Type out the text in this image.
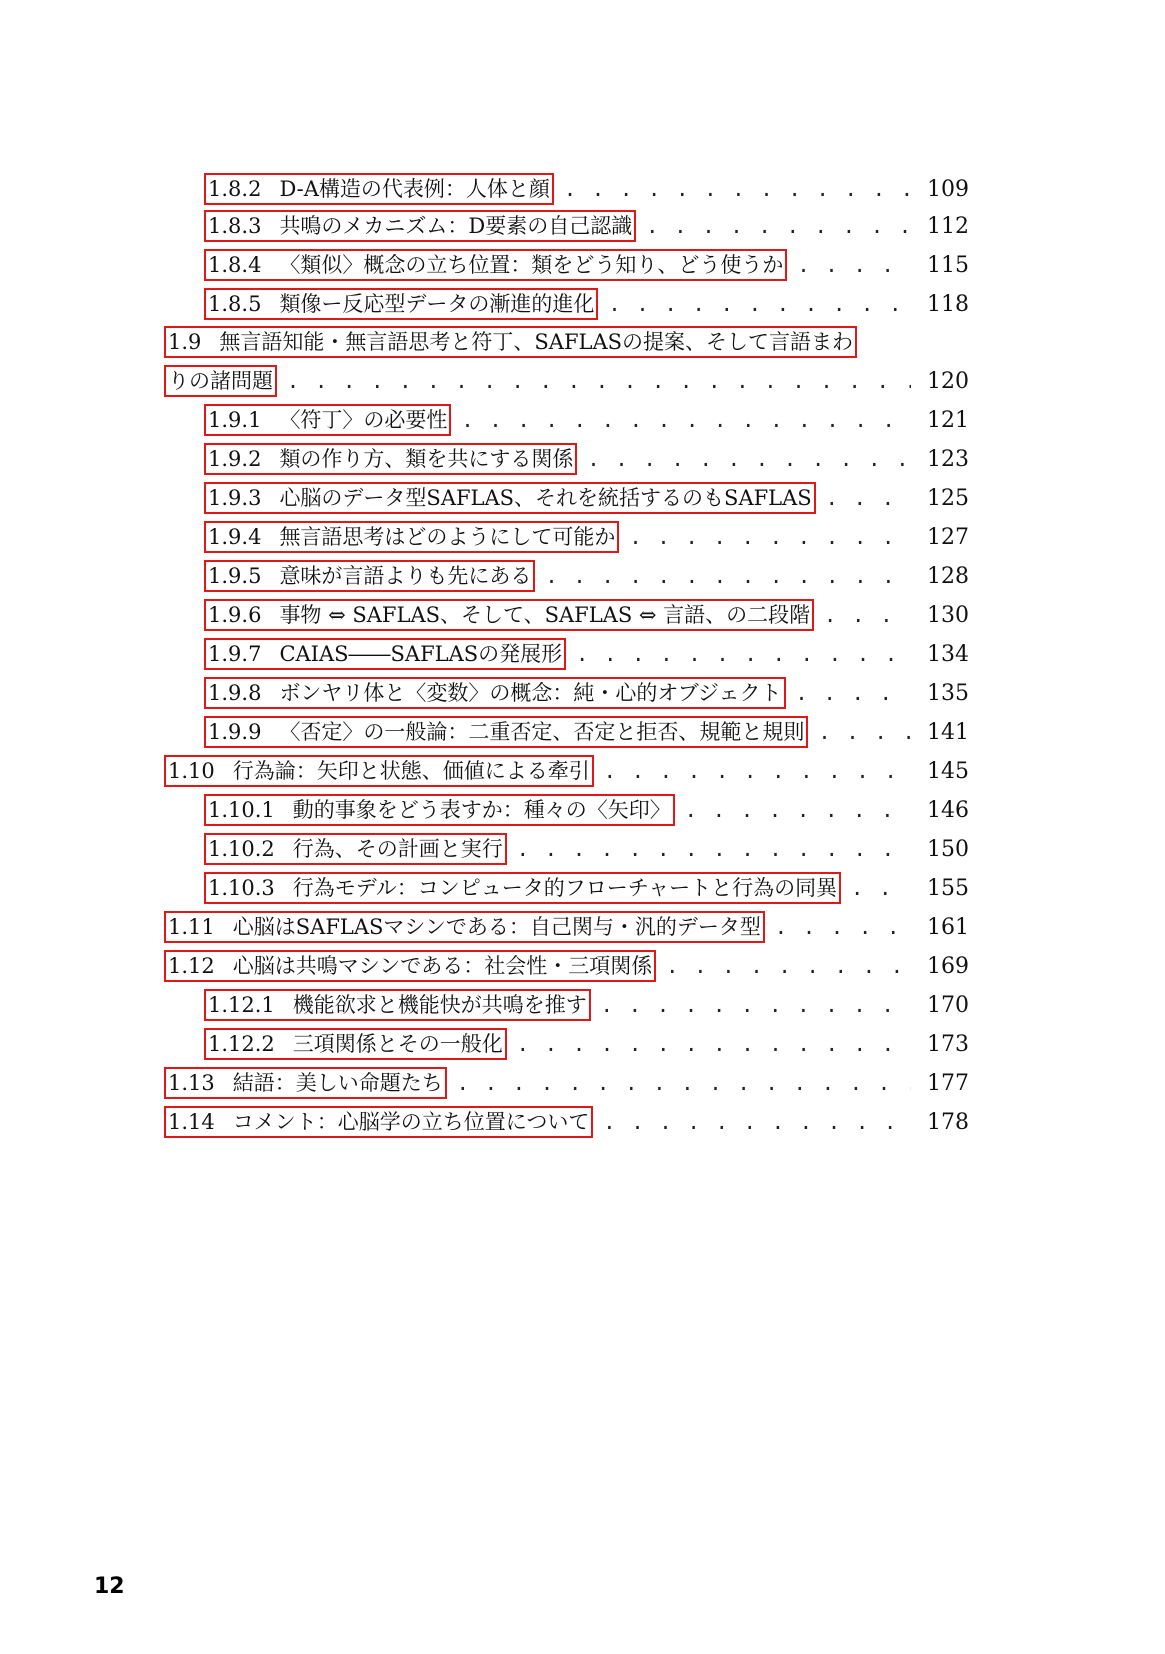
1.8.2 D-A構造の代表例：人体と顔 . . .	109
1.8.3 共鳴のメカニズム：D要素の自己認識 . . .	112
1.8.4 〈類似〉概念の立ち位置：類をどう知り、どう使うか . . .	115
1.8.5 類像ー反応型データの漸進的進化 . . .	118
1.9 無言語知能・無言語思考と符丁、SAFLASの提案、そして言語まわ
りの諸問題 . . .	120
1.9.1 〈符丁〉の必要性 . . .	121
1.9.2 類の作り方、類を共にする関係 . . .	123
1.9.3 心脳のデータ型SAFLAS、それを統括するのもSAFLAS . . .	125
1.9.4 無言語思考はどのようにして可能か . . .	127
1.9.5 意味が言語よりも先にある . . .	128
1.9.6 事物 ⇔ SAFLAS、そして、SAFLAS ⇔ 言語、の二段階 . . .	130
1.9.7 CAIAS――SAFLASの発展形 . . .	134
1.9.8 ボンヤリ体と〈変数〉の概念：純・心的オブジェクト . . .	135
1.9.9 〈否定〉の一般論：二重否定、否定と拒否、規範と規則 . . .	141
1.10 行為論：矢印と状態、価値による牽引 . . .	145
1.10.1 動的事象をどう表すか：種々の〈矢印〉 . . .	146
1.10.2 行為、その計画と実行 . . .	150
1.10.3 行為モデル：コンピュータ的フローチャートと行為の同異 . . .	155
1.11 心脳はSAFLASマシンである：自己関与・汎的データ型 . . .	161
1.12 心脳は共鳴マシンである：社会性・三項関係 . . .	169
1.12.1 機能欲求と機能快が共鳴を推す . . .	170
1.12.2 三項関係とその一般化 . . .	173
1.13 結語：美しい命題たち . . .	177
1.14 コメント：心脳学の立ち位置について . . .	178
12
